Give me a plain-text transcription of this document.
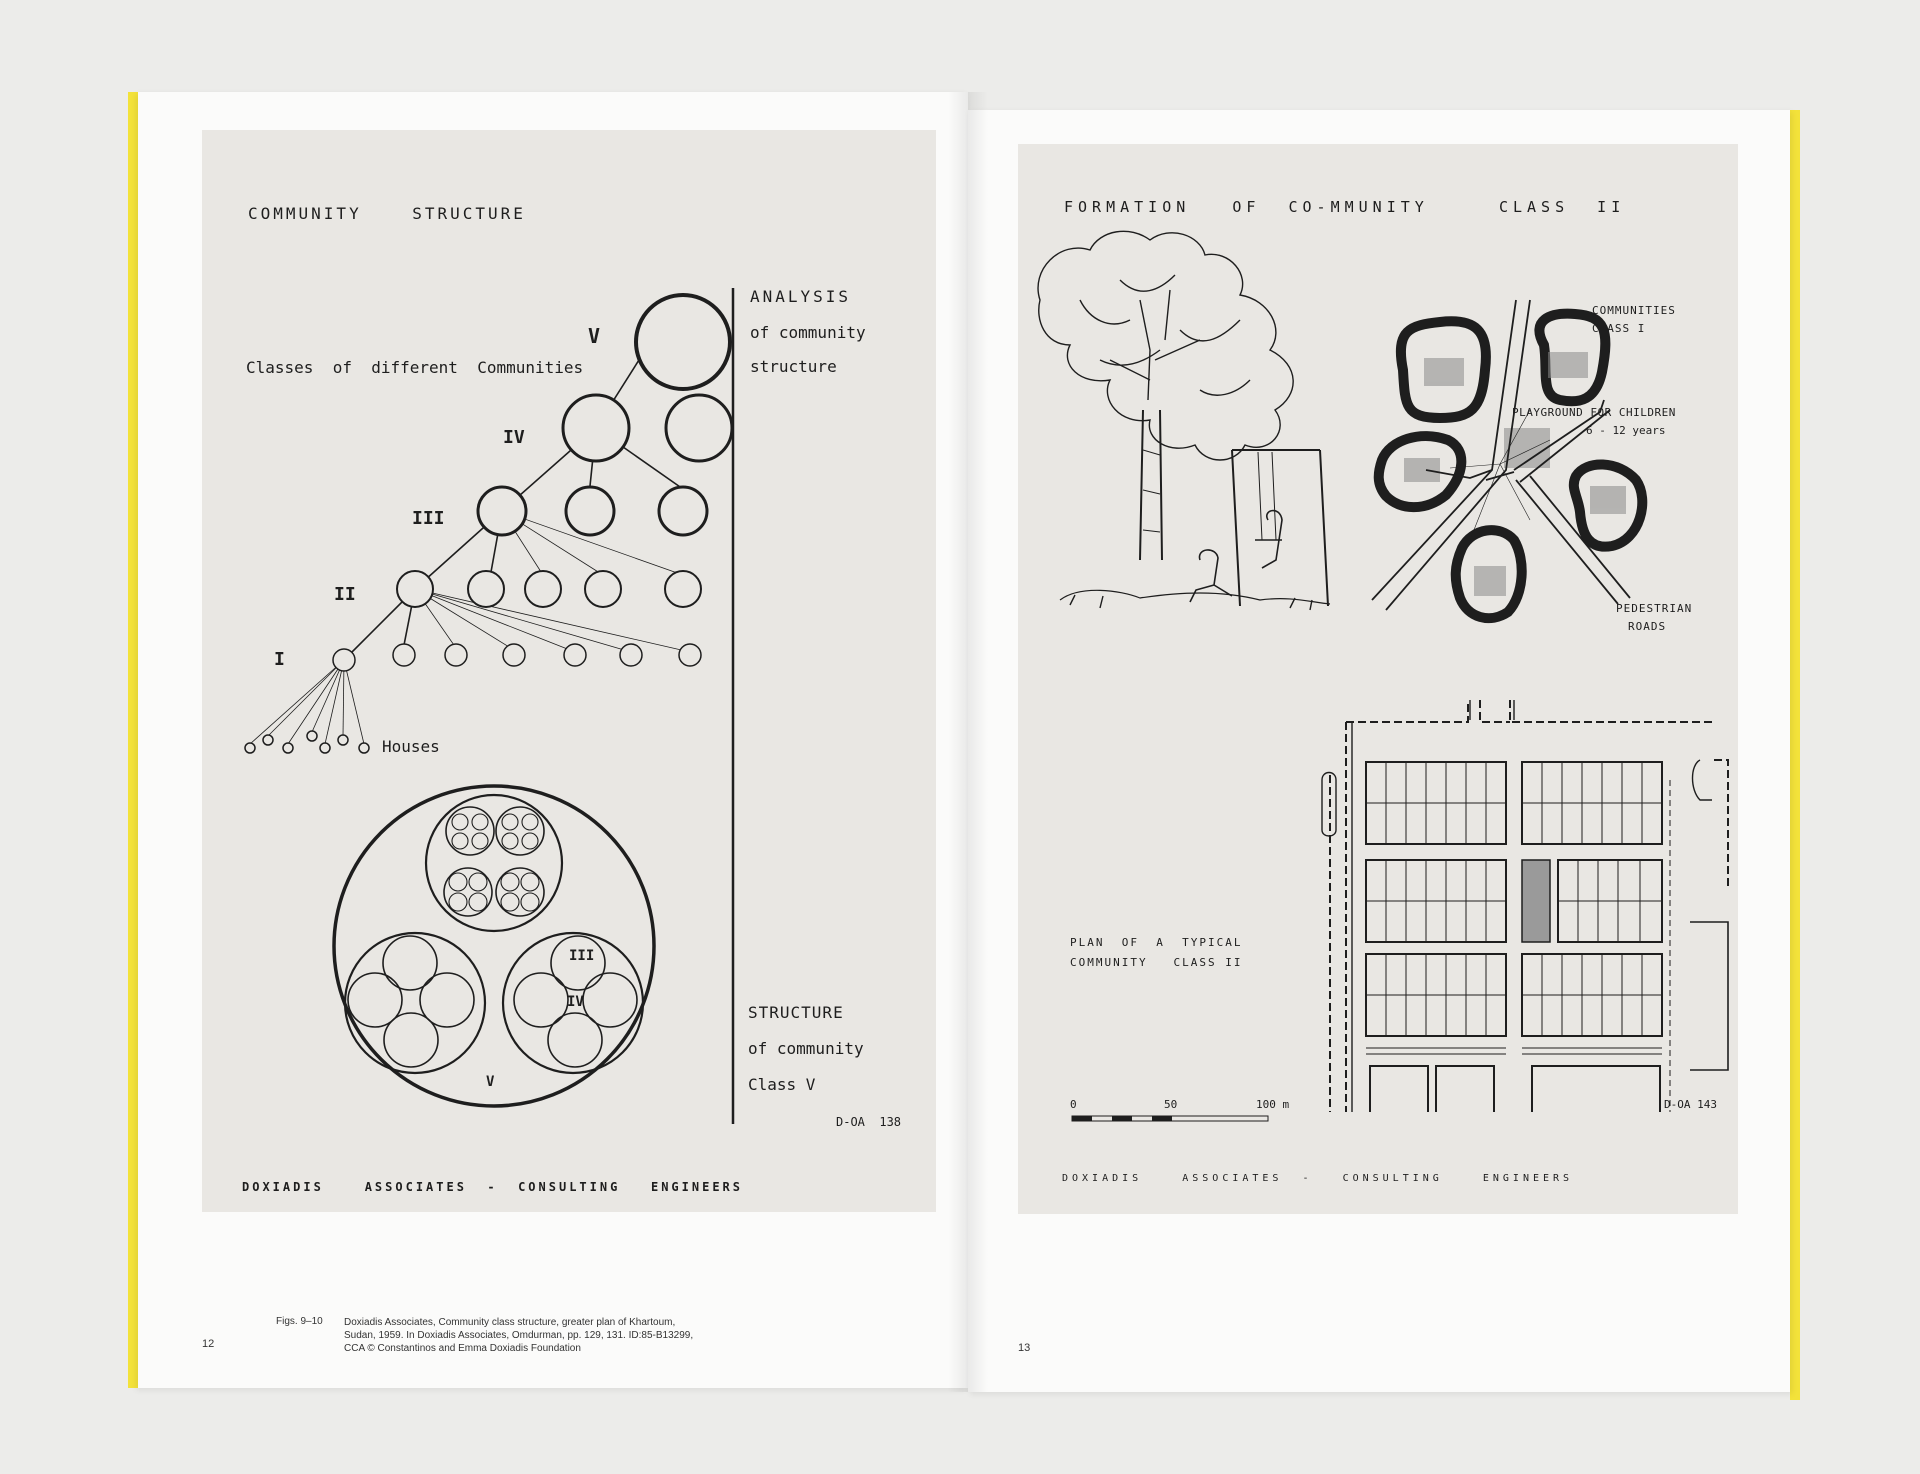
COMMUNITY    STRUCTURE
ANALYSIS
of community
structure
Classes  of  different  Communities
V
IV
III
II
I
Houses
III
IV
V
STRUCTURE
of community
Class V
D-OA  138
DOXIADIS    ASSOCIATES  -  CONSULTING   ENGINEERS
FORMATION   OF  CO-MMUNITY     CLASS  II
COMMUNITIES
CLASS I
PLAYGROUND FOR CHILDREN
6 - 12 years
PEDESTRIAN
ROADS
PLAN  OF  A  TYPICAL
COMMUNITY   CLASS II
0	50	100 m	D-OA 143
DOXIADIS    ASSOCIATES  -   CONSULTING    ENGINEERS
Figs. 9–10 Doxiadis Associates, Community class structure, greater plan of Khartoum,
Sudan, 1959. In Doxiadis Associates, Omdurman, pp. 129, 131. ID:85-B13299,
CCA © Constantinos and Emma Doxiadis Foundation
12	13
